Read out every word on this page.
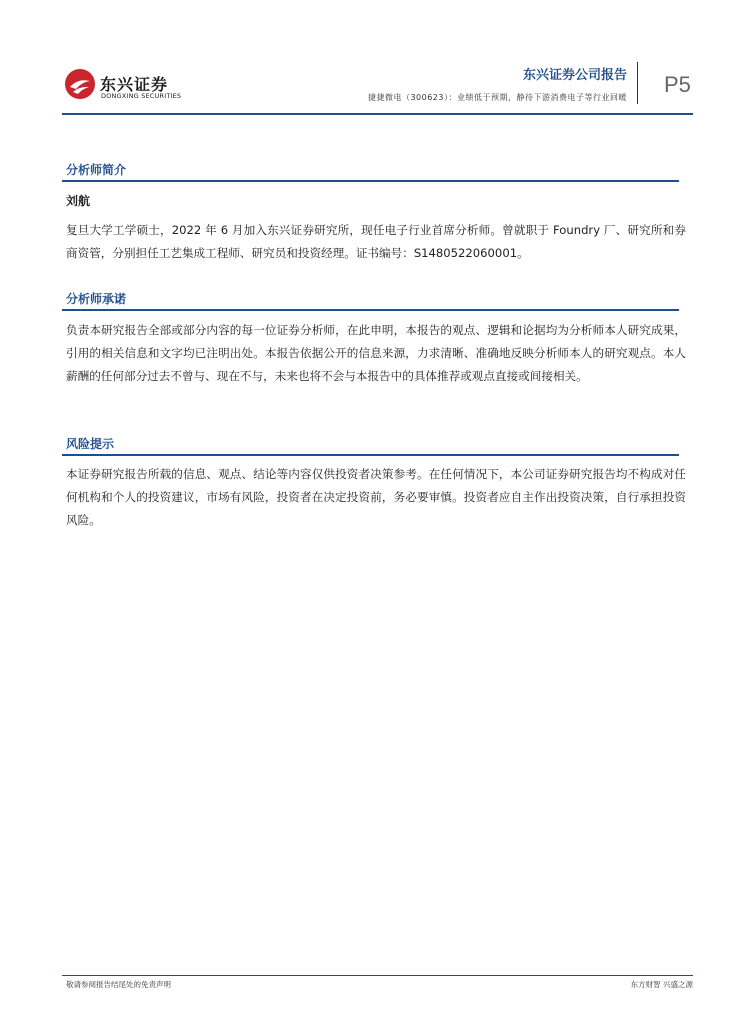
东兴证券
DONGXING SECURITIES
东兴证券公司报告
捷捷微电（300623）：业绩低于预期，静待下游消费电子等行业回暖
P5
分析师简介
刘航
复旦大学工学硕士，2022 年 6 月加入东兴证券研究所，现任电子行业首席分析师。曾就职于 Foundry 厂、研究所和券商资管，分别担任工艺集成工程师、研究员和投资经理。证书编号：S1480522060001。
分析师承诺
负责本研究报告全部或部分内容的每一位证券分析师，在此申明，本报告的观点、逻辑和论据均为分析师本人研究成果，引用的相关信息和文字均已注明出处。本报告依据公开的信息来源，力求清晰、准确地反映分析师本人的研究观点。本人薪酬的任何部分过去不曾与、现在不与，未来也将不会与本报告中的具体推荐或观点直接或间接相关。
风险提示
本证券研究报告所载的信息、观点、结论等内容仅供投资者决策参考。在任何情况下，本公司证券研究报告均不构成对任何机构和个人的投资建议，市场有风险，投资者在决定投资前，务必要审慎。投资者应自主作出投资决策，自行承担投资风险。
敬请参阅报告结尾处的免责声明	东方财智 兴盛之源
